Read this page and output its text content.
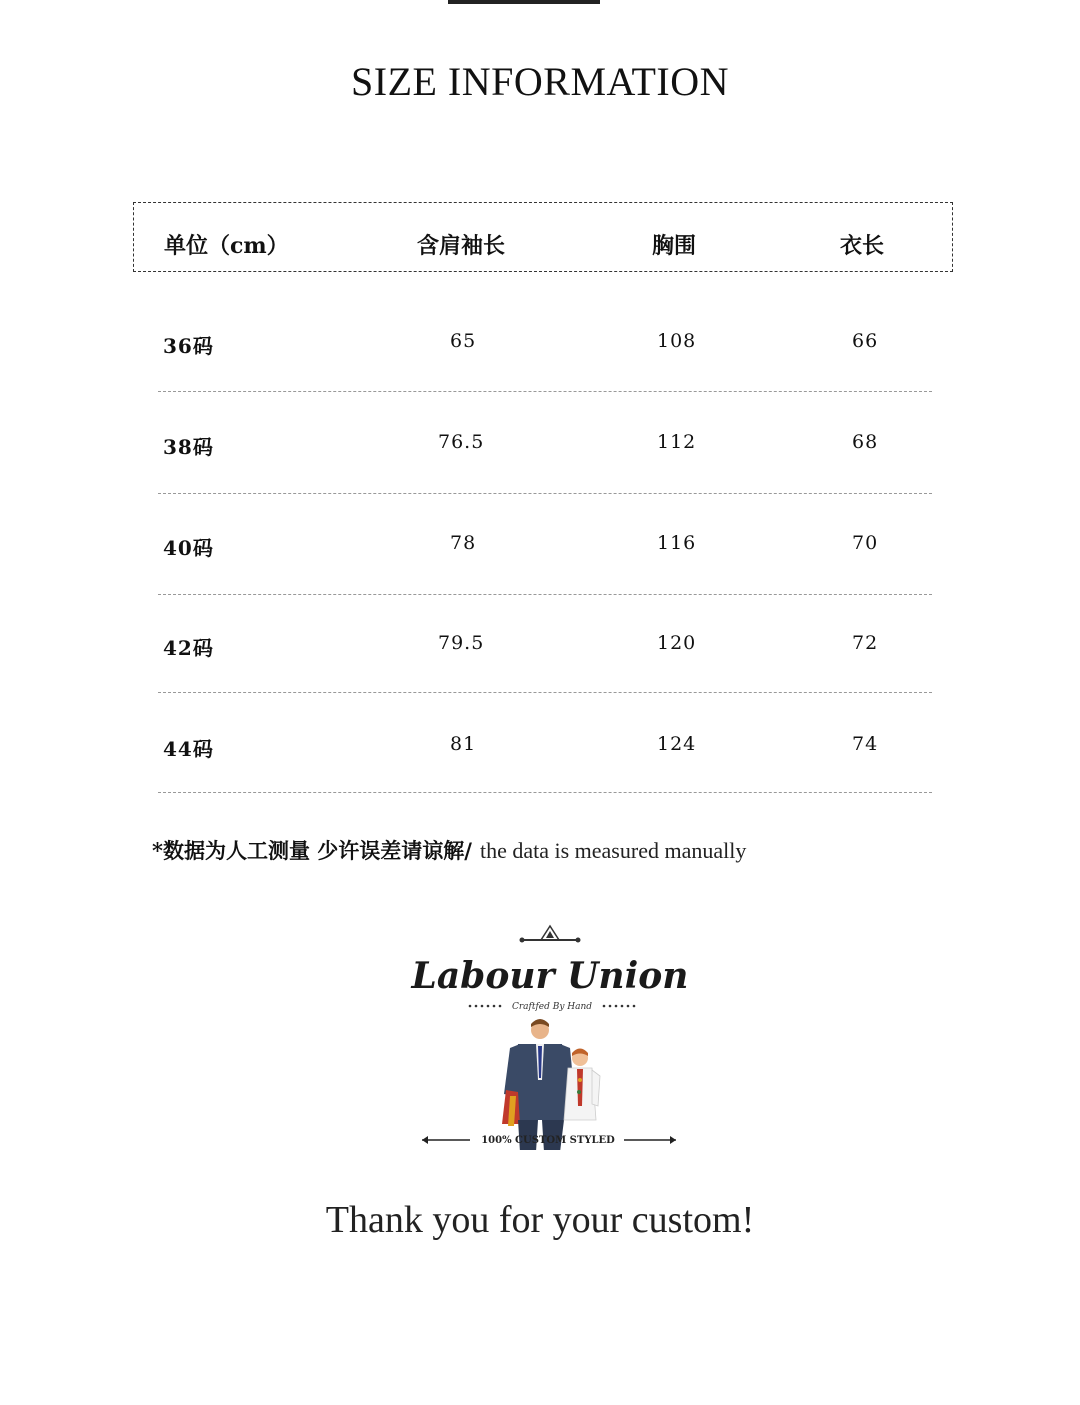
SIZE INFORMATION
单位（cm）	含肩袖长	胸围	衣长
36码	65	108	66
38码	76.5	112	68
40码	78	116	70
42码	79.5	120	72
44码	81	124	74
*数据为人工测量 少许误差请谅解/ the data is measured manually
Labour Union
Craftfed By Hand
100% CUSTOM STYLED
Thank you for your custom!
